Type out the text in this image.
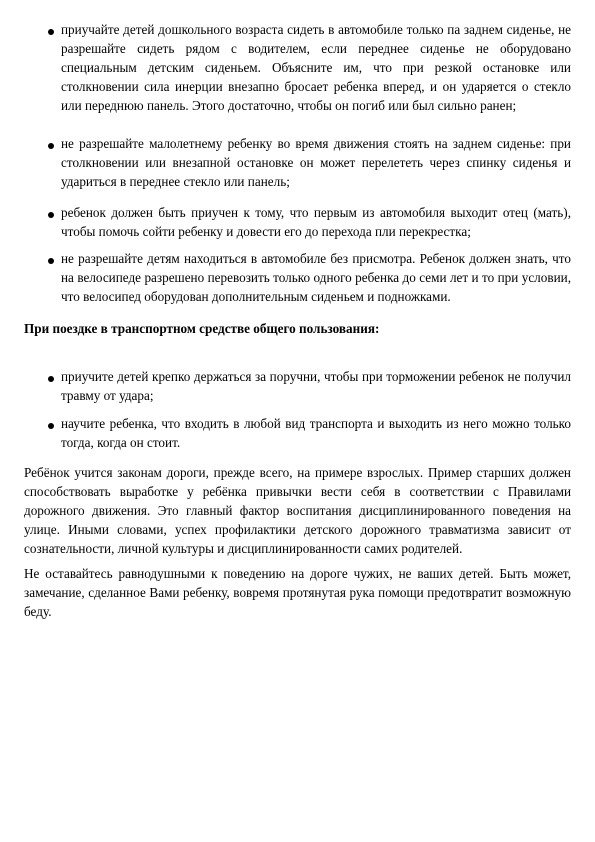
приучайте детей дошкольного возраста сидеть в автомобиле только па заднем сиденье, не разрешайте сидеть рядом с водителем, если переднее сиденье не оборудовано специальным детским сиденьем. Объясните им, что при резкой остановке или столкновении сила инерции внезапно бросает ребенка вперед, и он ударяется о стекло или переднюю панель. Этого достаточно, чтобы он погиб или был сильно ранен;
не разрешайте малолетнему ребенку во время движения стоять на заднем сиденье: при столкновении или внезапной остановке он может перелететь через спинку сиденья и удариться в переднее стекло или панель;
ребенок должен быть приучен к тому, что первым из автомобиля выходит отец (мать), чтобы помочь сойти ребенку и довести его до перехода пли перекрестка;
не разрешайте детям находиться в автомобиле без присмотра. Ребенок должен знать, что на велосипеде разрешено перевозить только одного ребенка до семи лет и то при условии, что велосипед оборудован дополнительным сиденьем и подножками.
При поездке в транспортном средстве общего пользования:
приучите детей крепко держаться за поручни, чтобы при торможении ребенок не получил травму от удара;
научите ребенка, что входить в любой вид транспорта и выходить из него можно только тогда, когда он стоит.
Ребёнок учится законам дороги, прежде всего, на примере взрослых. Пример старших должен способствовать выработке у ребёнка привычки вести себя в соответствии с Правилами дорожного движения. Это главный фактор воспитания дисциплинированного поведения на улице. Иными словами, успех профилактики детского дорожного травматизма зависит от сознательности, личной культуры и дисциплинированности самих родителей.
Не оставайтесь равнодушными к поведению на дороге чужих, не ваших детей. Быть может, замечание, сделанное Вами ребенку, вовремя протянутая рука помощи предотвратит возможную беду.
